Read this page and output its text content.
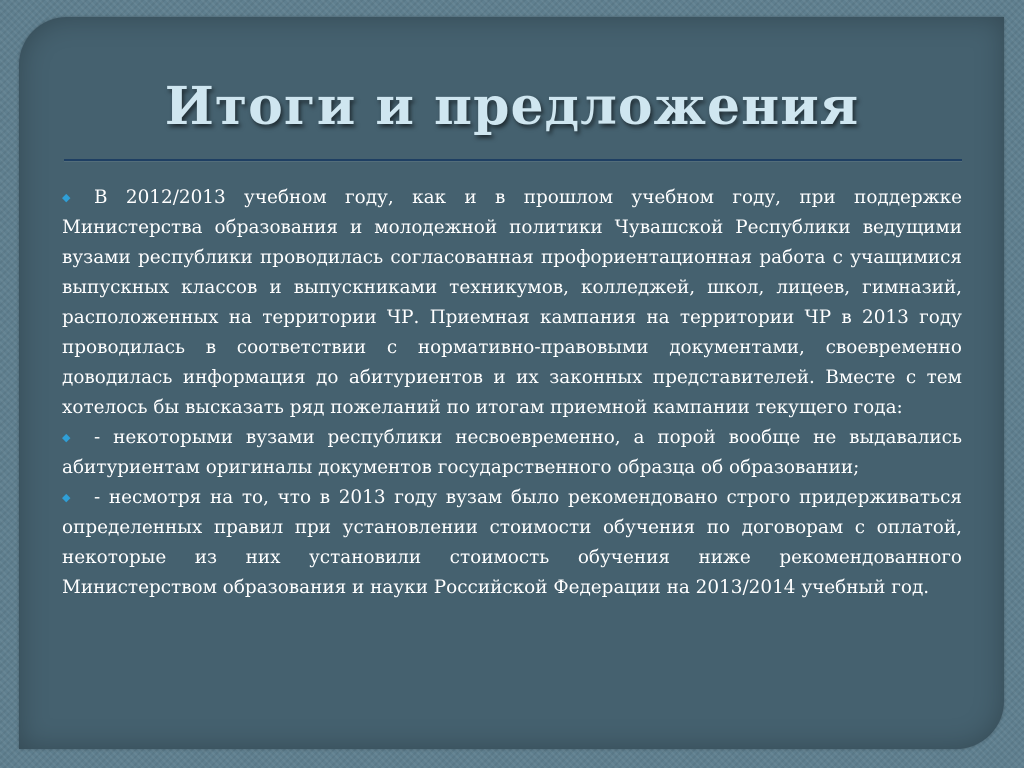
Итоги и предложения

◆ В 2012/2013 учебном году, как и в прошлом учебном году, при поддержке Министерства образования и молодежной политики Чувашской Республики ведущими вузами республики проводилась согласованная профориентационная работа с учащимися выпускных классов и выпускниками техникумов, колледжей, школ, лицеев, гимназий, расположенных на территории ЧР. Приемная кампания на территории ЧР в 2013 году проводилась в соответствии с нормативно-правовыми документами, своевременно доводилась информация до абитуриентов и их законных представителей. Вместе с тем хотелось бы высказать ряд пожеланий по итогам приемной кампании текущего года:

◆ - некоторыми вузами республики несвоевременно, а порой вообще не выдавались абитуриентам оригиналы документов государственного образца об образовании;

◆ - несмотря на то, что в 2013 году вузам было рекомендовано строго придерживаться определенных правил при установлении стоимости обучения по договорам с оплатой, некоторые из них установили стоимость обучения ниже рекомендованного Министерством образования и науки Российской Федерации на 2013/2014 учебный год.
